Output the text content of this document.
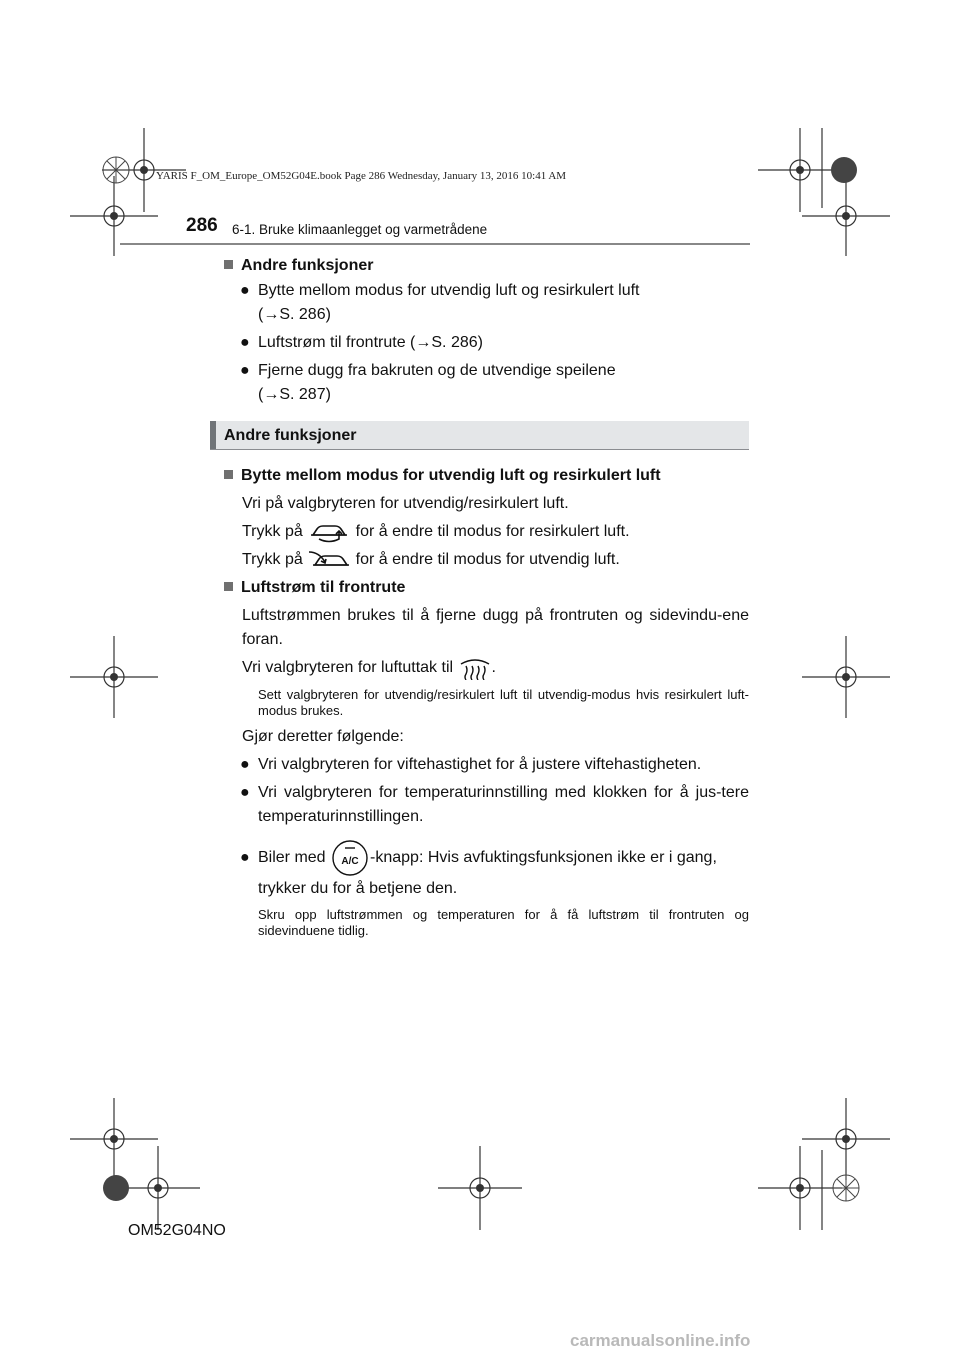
YARIS F_OM_Europe_OM52G04E.book Page 286 Wednesday, January 13, 2016 10:41 AM
286 6-1. Bruke klimaanlegget og varmetrådene
Andre funksjoner
● Bytte mellom modus for utvendig luft og resirkulert luft
(→S. 286)
● Luftstrøm til frontrute (→S. 286)
● Fjerne dugg fra bakruten og de utvendige speilene
(→S. 287)
Andre funksjoner
Bytte mellom modus for utvendig luft og resirkulert luft
Vri på valgbryteren for utvendig/resirkulert luft.
Trykk på	for å endre til modus for resirkulert luft.
Trykk på	for å endre til modus for utvendig luft.
Luftstrøm til frontrute
Luftstrømmen brukes til å fjerne dugg på frontruten og sidevindu-ene foran.
Vri valgbryteren for luftuttak til .
Sett valgbryteren for utvendig/resirkulert luft til utvendig-modus hvis resirkulert luft-modus brukes.
Gjør deretter følgende:
● Vri valgbryteren for viftehastighet for å justere viftehastigheten.
● Vri valgbryteren for temperaturinnstilling med klokken for å jus-tere temperaturinnstillingen.
● Biler med A/C -knapp: Hvis avfuktingsfunksjonen ikke er i gang,
trykker du for å betjene den.
Skru opp luftstrømmen og temperaturen for å få luftstrøm til frontruten og sidevinduene tidlig.
OM52G04NO
carmanualsonline.info
